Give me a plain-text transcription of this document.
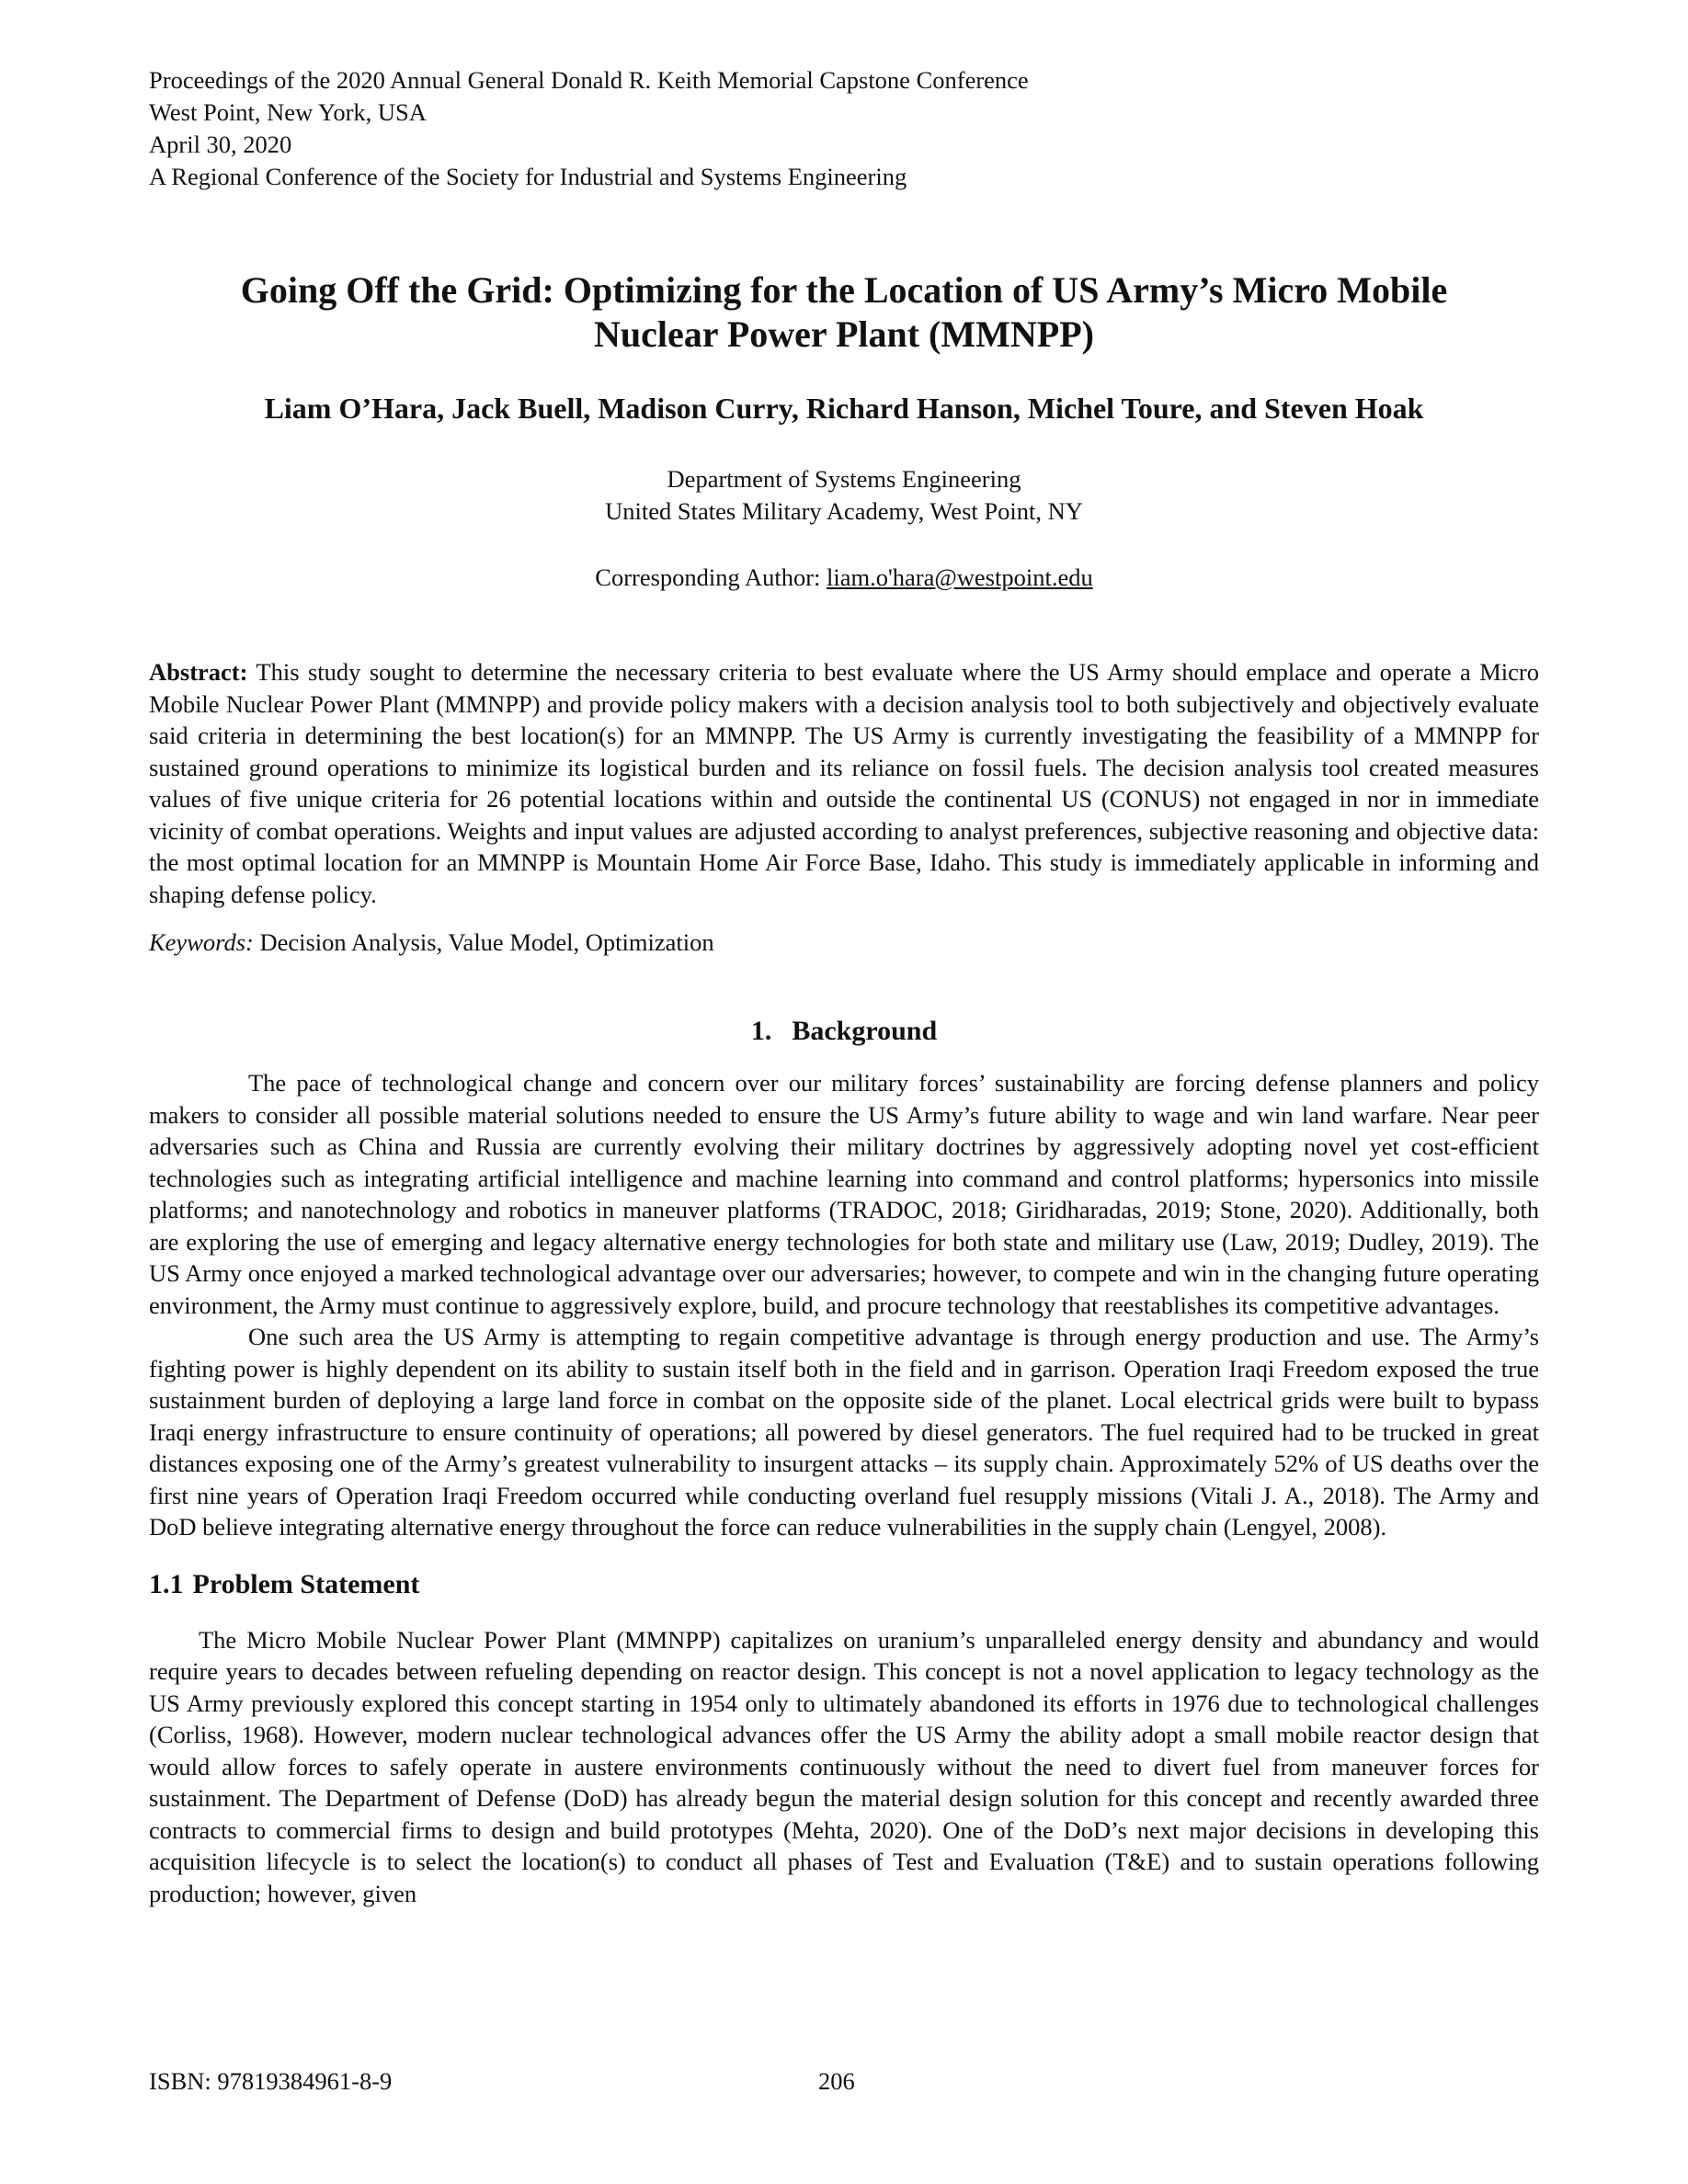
Proceedings of the 2020 Annual General Donald R. Keith Memorial Capstone Conference
West Point, New York, USA
April 30, 2020
A Regional Conference of the Society for Industrial and Systems Engineering
Going Off the Grid: Optimizing for the Location of US Army’s Micro Mobile Nuclear Power Plant (MMNPP)
Liam O’Hara, Jack Buell, Madison Curry, Richard Hanson, Michel Toure, and Steven Hoak
Department of Systems Engineering
United States Military Academy, West Point, NY
Corresponding Author: liam.o'hara@westpoint.edu
Abstract: This study sought to determine the necessary criteria to best evaluate where the US Army should emplace and operate a Micro Mobile Nuclear Power Plant (MMNPP) and provide policy makers with a decision analysis tool to both subjectively and objectively evaluate said criteria in determining the best location(s) for an MMNPP. The US Army is currently investigating the feasibility of a MMNPP for sustained ground operations to minimize its logistical burden and its reliance on fossil fuels. The decision analysis tool created measures values of five unique criteria for 26 potential locations within and outside the continental US (CONUS) not engaged in nor in immediate vicinity of combat operations. Weights and input values are adjusted according to analyst preferences, subjective reasoning and objective data: the most optimal location for an MMNPP is Mountain Home Air Force Base, Idaho. This study is immediately applicable in informing and shaping defense policy.
Keywords: Decision Analysis, Value Model, Optimization
1. Background

The pace of technological change and concern over our military forces’ sustainability are forcing defense planners and policy makers to consider all possible material solutions needed to ensure the US Army’s future ability to wage and win land warfare. Near peer adversaries such as China and Russia are currently evolving their military doctrines by aggressively adopting novel yet cost-efficient technologies such as integrating artificial intelligence and machine learning into command and control platforms; hypersonics into missile platforms; and nanotechnology and robotics in maneuver platforms (TRADOC, 2018; Giridharadas, 2019; Stone, 2020). Additionally, both are exploring the use of emerging and legacy alternative energy technologies for both state and military use (Law, 2019; Dudley, 2019). The US Army once enjoyed a marked technological advantage over our adversaries; however, to compete and win in the changing future operating environment, the Army must continue to aggressively explore, build, and procure technology that reestablishes its competitive advantages.

One such area the US Army is attempting to regain competitive advantage is through energy production and use. The Army’s fighting power is highly dependent on its ability to sustain itself both in the field and in garrison. Operation Iraqi Freedom exposed the true sustainment burden of deploying a large land force in combat on the opposite side of the planet. Local electrical grids were built to bypass Iraqi energy infrastructure to ensure continuity of operations; all powered by diesel generators. The fuel required had to be trucked in great distances exposing one of the Army’s greatest vulnerability to insurgent attacks – its supply chain. Approximately 52% of US deaths over the first nine years of Operation Iraqi Freedom occurred while conducting overland fuel resupply missions (Vitali J. A., 2018). The Army and DoD believe integrating alternative energy throughout the force can reduce vulnerabilities in the supply chain (Lengyel, 2008).

1.1 Problem Statement

The Micro Mobile Nuclear Power Plant (MMNPP) capitalizes on uranium’s unparalleled energy density and abundancy and would require years to decades between refueling depending on reactor design. This concept is not a novel application to legacy technology as the US Army previously explored this concept starting in 1954 only to ultimately abandoned its efforts in 1976 due to technological challenges (Corliss, 1968). However, modern nuclear technological advances offer the US Army the ability adopt a small mobile reactor design that would allow forces to safely operate in austere environments continuously without the need to divert fuel from maneuver forces for sustainment. The Department of Defense (DoD) has already begun the material design solution for this concept and recently awarded three contracts to commercial firms to design and build prototypes (Mehta, 2020). One of the DoD’s next major decisions in developing this acquisition lifecycle is to select the location(s) to conduct all phases of Test and Evaluation (T&E) and to sustain operations following production; however, given

ISBN: 97819384961-8-9	206
